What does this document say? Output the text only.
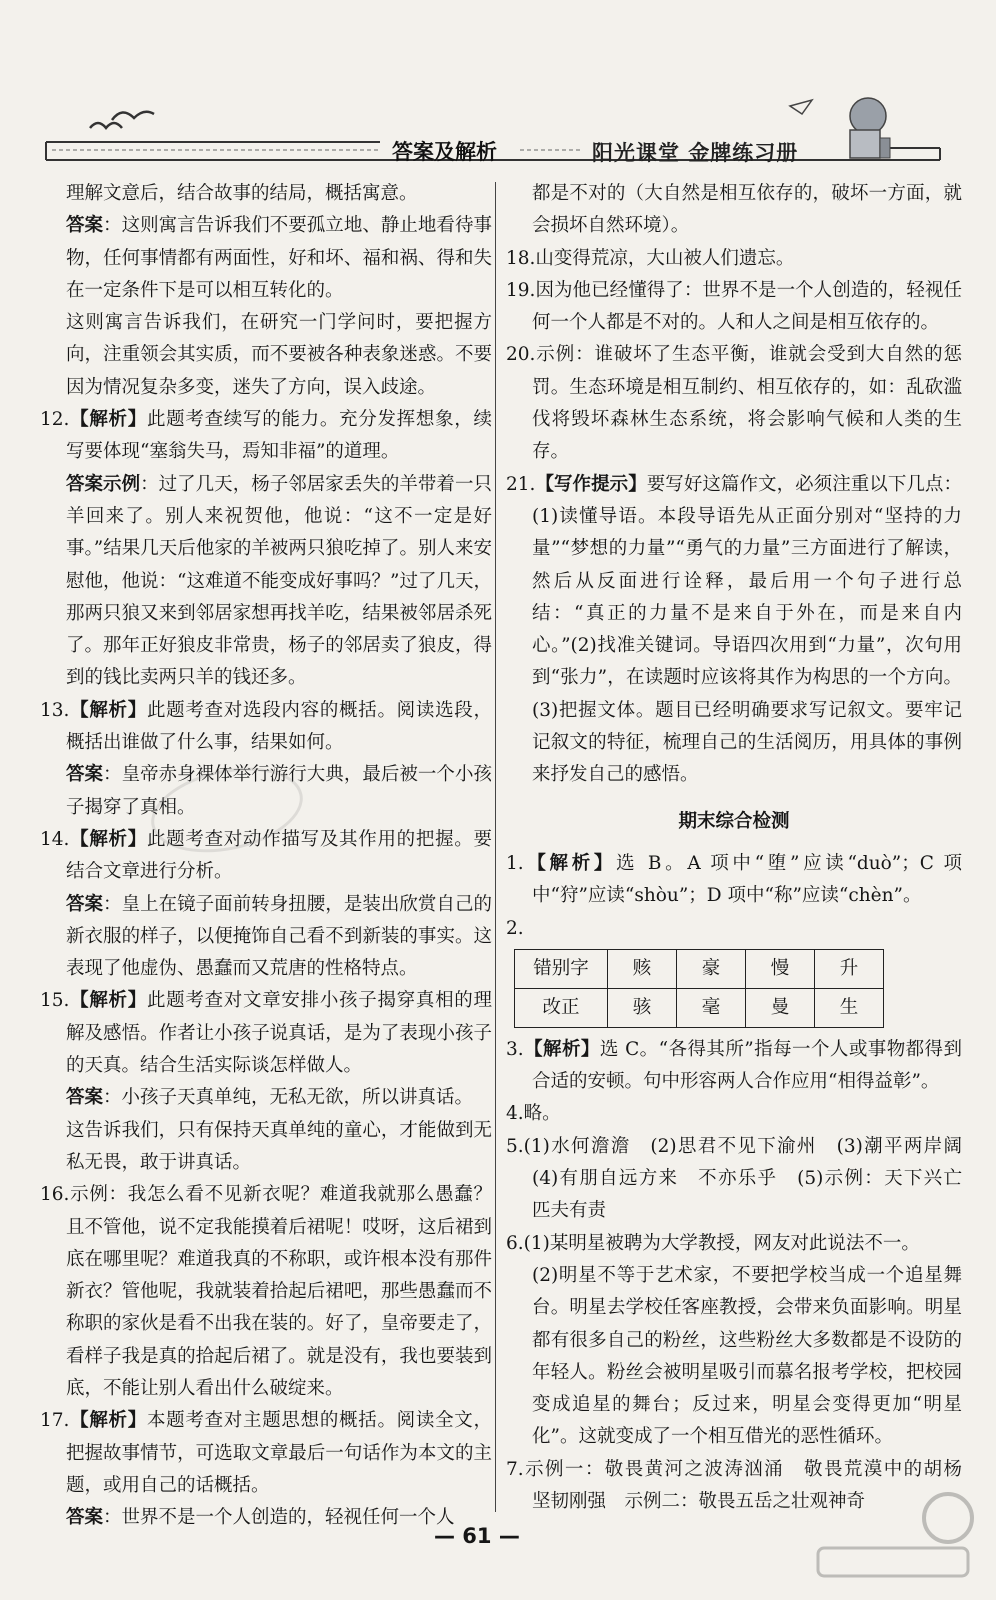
答案及解析	阳光课堂 金牌练习册

理解文意后，结合故事的结局，概括寓意。

答案：这则寓言告诉我们不要孤立地、静止地看待事物，任何事情都有两面性，好和坏、福和祸、得和失在一定条件下是可以相互转化的。

这则寓言告诉我们，在研究一门学问时，要把握方向，注重领会其实质，而不要被各种表象迷惑。不要因为情况复杂多变，迷失了方向，误入歧途。

12.【解析】此题考查续写的能力。充分发挥想象，续写要体现“塞翁失马，焉知非福”的道理。

答案示例：过了几天，杨子邻居家丢失的羊带着一只羊回来了。别人来祝贺他，他说：“这不一定是好事。”结果几天后他家的羊被两只狼吃掉了。别人来安慰他，他说：“这难道不能变成好事吗？”过了几天，那两只狼又来到邻居家想再找羊吃，结果被邻居杀死了。那年正好狼皮非常贵，杨子的邻居卖了狼皮，得到的钱比卖两只羊的钱还多。

13.【解析】此题考查对选段内容的概括。阅读选段，概括出谁做了什么事，结果如何。

答案：皇帝赤身裸体举行游行大典，最后被一个小孩子揭穿了真相。

14.【解析】此题考查对动作描写及其作用的把握。要结合文章进行分析。

答案：皇上在镜子面前转身扭腰，是装出欣赏自己的新衣服的样子，以便掩饰自己看不到新装的事实。这表现了他虚伪、愚蠢而又荒唐的性格特点。

15.【解析】此题考查对文章安排小孩子揭穿真相的理解及感悟。作者让小孩子说真话，是为了表现小孩子的天真。结合生活实际谈怎样做人。

答案：小孩子天真单纯，无私无欲，所以讲真话。

这告诉我们，只有保持天真单纯的童心，才能做到无私无畏，敢于讲真话。

16.示例：我怎么看不见新衣呢？难道我就那么愚蠢？且不管他，说不定我能摸着后裙呢！哎呀，这后裙到底在哪里呢？难道我真的不称职，或许根本没有那件新衣？管他呢，我就装着拾起后裙吧，那些愚蠢而不称职的家伙是看不出我在装的。好了，皇帝要走了，看样子我是真的拾起后裙了。就是没有，我也要装到底，不能让别人看出什么破绽来。

17.【解析】本题考查对主题思想的概括。阅读全文，把握故事情节，可选取文章最后一句话作为本文的主题，或用自己的话概括。

答案：世界不是一个人创造的，轻视任何一个人

都是不对的（大自然是相互依存的，破坏一方面，就会损坏自然环境）。

18.山变得荒凉，大山被人们遗忘。

19.因为他已经懂得了：世界不是一个人创造的，轻视任何一个人都是不对的。人和人之间是相互依存的。

20.示例：谁破坏了生态平衡，谁就会受到大自然的惩罚。生态环境是相互制约、相互依存的，如：乱砍滥伐将毁坏森林生态系统，将会影响气候和人类的生存。

21.【写作提示】要写好这篇作文，必须注重以下几点：(1)读懂导语。本段导语先从正面分别对“坚持的力量”“梦想的力量”“勇气的力量”三方面进行了解读，然后从反面进行诠释，最后用一个句子进行总结：“真正的力量不是来自于外在，而是来自内心。”(2)找准关键词。导语四次用到“力量”，次句用到“张力”，在读题时应该将其作为构思的一个方向。(3)把握文体。题目已经明确要求写记叙文。要牢记记叙文的特征，梳理自己的生活阅历，用具体的事例来抒发自己的感悟。

期末综合检测

1.【解析】选 B。A 项中“堕”应读“duò”；C 项中“狩”应读“shòu”；D 项中“称”应读“chèn”。

2.

错别字	赅	豪	慢	升
改正	骇	毫	曼	生

3.【解析】选 C。“各得其所”指每一个人或事物都得到合适的安顿。句中形容两人合作应用“相得益彰”。

4.略。

5.(1)水何澹澹　(2)思君不见下渝州　(3)潮平两岸阔　(4)有朋自远方来　不亦乐乎　(5)示例：天下兴亡　匹夫有责

6.(1)某明星被聘为大学教授，网友对此说法不一。

(2)明星不等于艺术家，不要把学校当成一个追星舞台。明星去学校任客座教授，会带来负面影响。明星都有很多自己的粉丝，这些粉丝大多数都是不设防的年轻人。粉丝会被明星吸引而慕名报考学校，把校园变成追星的舞台；反过来，明星会变得更加“明星化”。这就变成了一个相互借光的恶性循环。

7.示例一：敬畏黄河之波涛汹涌　敬畏荒漠中的胡杨　坚韧刚强　示例二：敬畏五岳之壮观神奇

— 61 —
